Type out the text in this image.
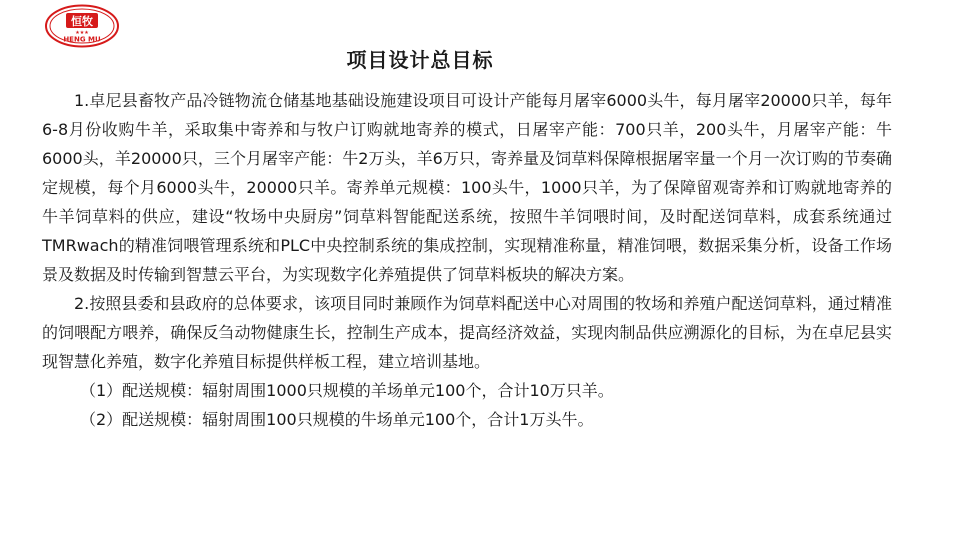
恒牧
★★★
HENG MU
项目设计总目标

1.卓尼县畜牧产品冷链物流仓储基地基础设施建设项目可设计产能每月屠宰6000头牛，每月屠宰20000只羊，每年6-8月份收购牛羊，采取集中寄养和与牧户订购就地寄养的模式，日屠宰产能：700只羊，200头牛，月屠宰产能：牛6000头，羊20000只，三个月屠宰产能：牛2万头，羊6万只，寄养量及饲草料保障根据屠宰量一个月一次订购的节奏确定规模，每个月6000头牛，20000只羊。寄养单元规模：100头牛，1000只羊，为了保障留观寄养和订购就地寄养的牛羊饲草料的供应，建设“牧场中央厨房”饲草料智能配送系统，按照牛羊饲喂时间，及时配送饲草料，成套系统通过TMRwach的精准饲喂管理系统和PLC中央控制系统的集成控制，实现精准称量，精准饲喂，数据采集分析，设备工作场景及数据及时传输到智慧云平台，为实现数字化养殖提供了饲草料板块的解决方案。

2.按照县委和县政府的总体要求，该项目同时兼顾作为饲草料配送中心对周围的牧场和养殖户配送饲草料，通过精准的饲喂配方喂养，确保反刍动物健康生长，控制生产成本，提高经济效益，实现肉制品供应溯源化的目标，为在卓尼县实现智慧化养殖，数字化养殖目标提供样板工程，建立培训基地。

（1）配送规模：辐射周围1000只规模的羊场单元100个，合计10万只羊。

（2）配送规模：辐射周围100只规模的牛场单元100个，合计1万头牛。
